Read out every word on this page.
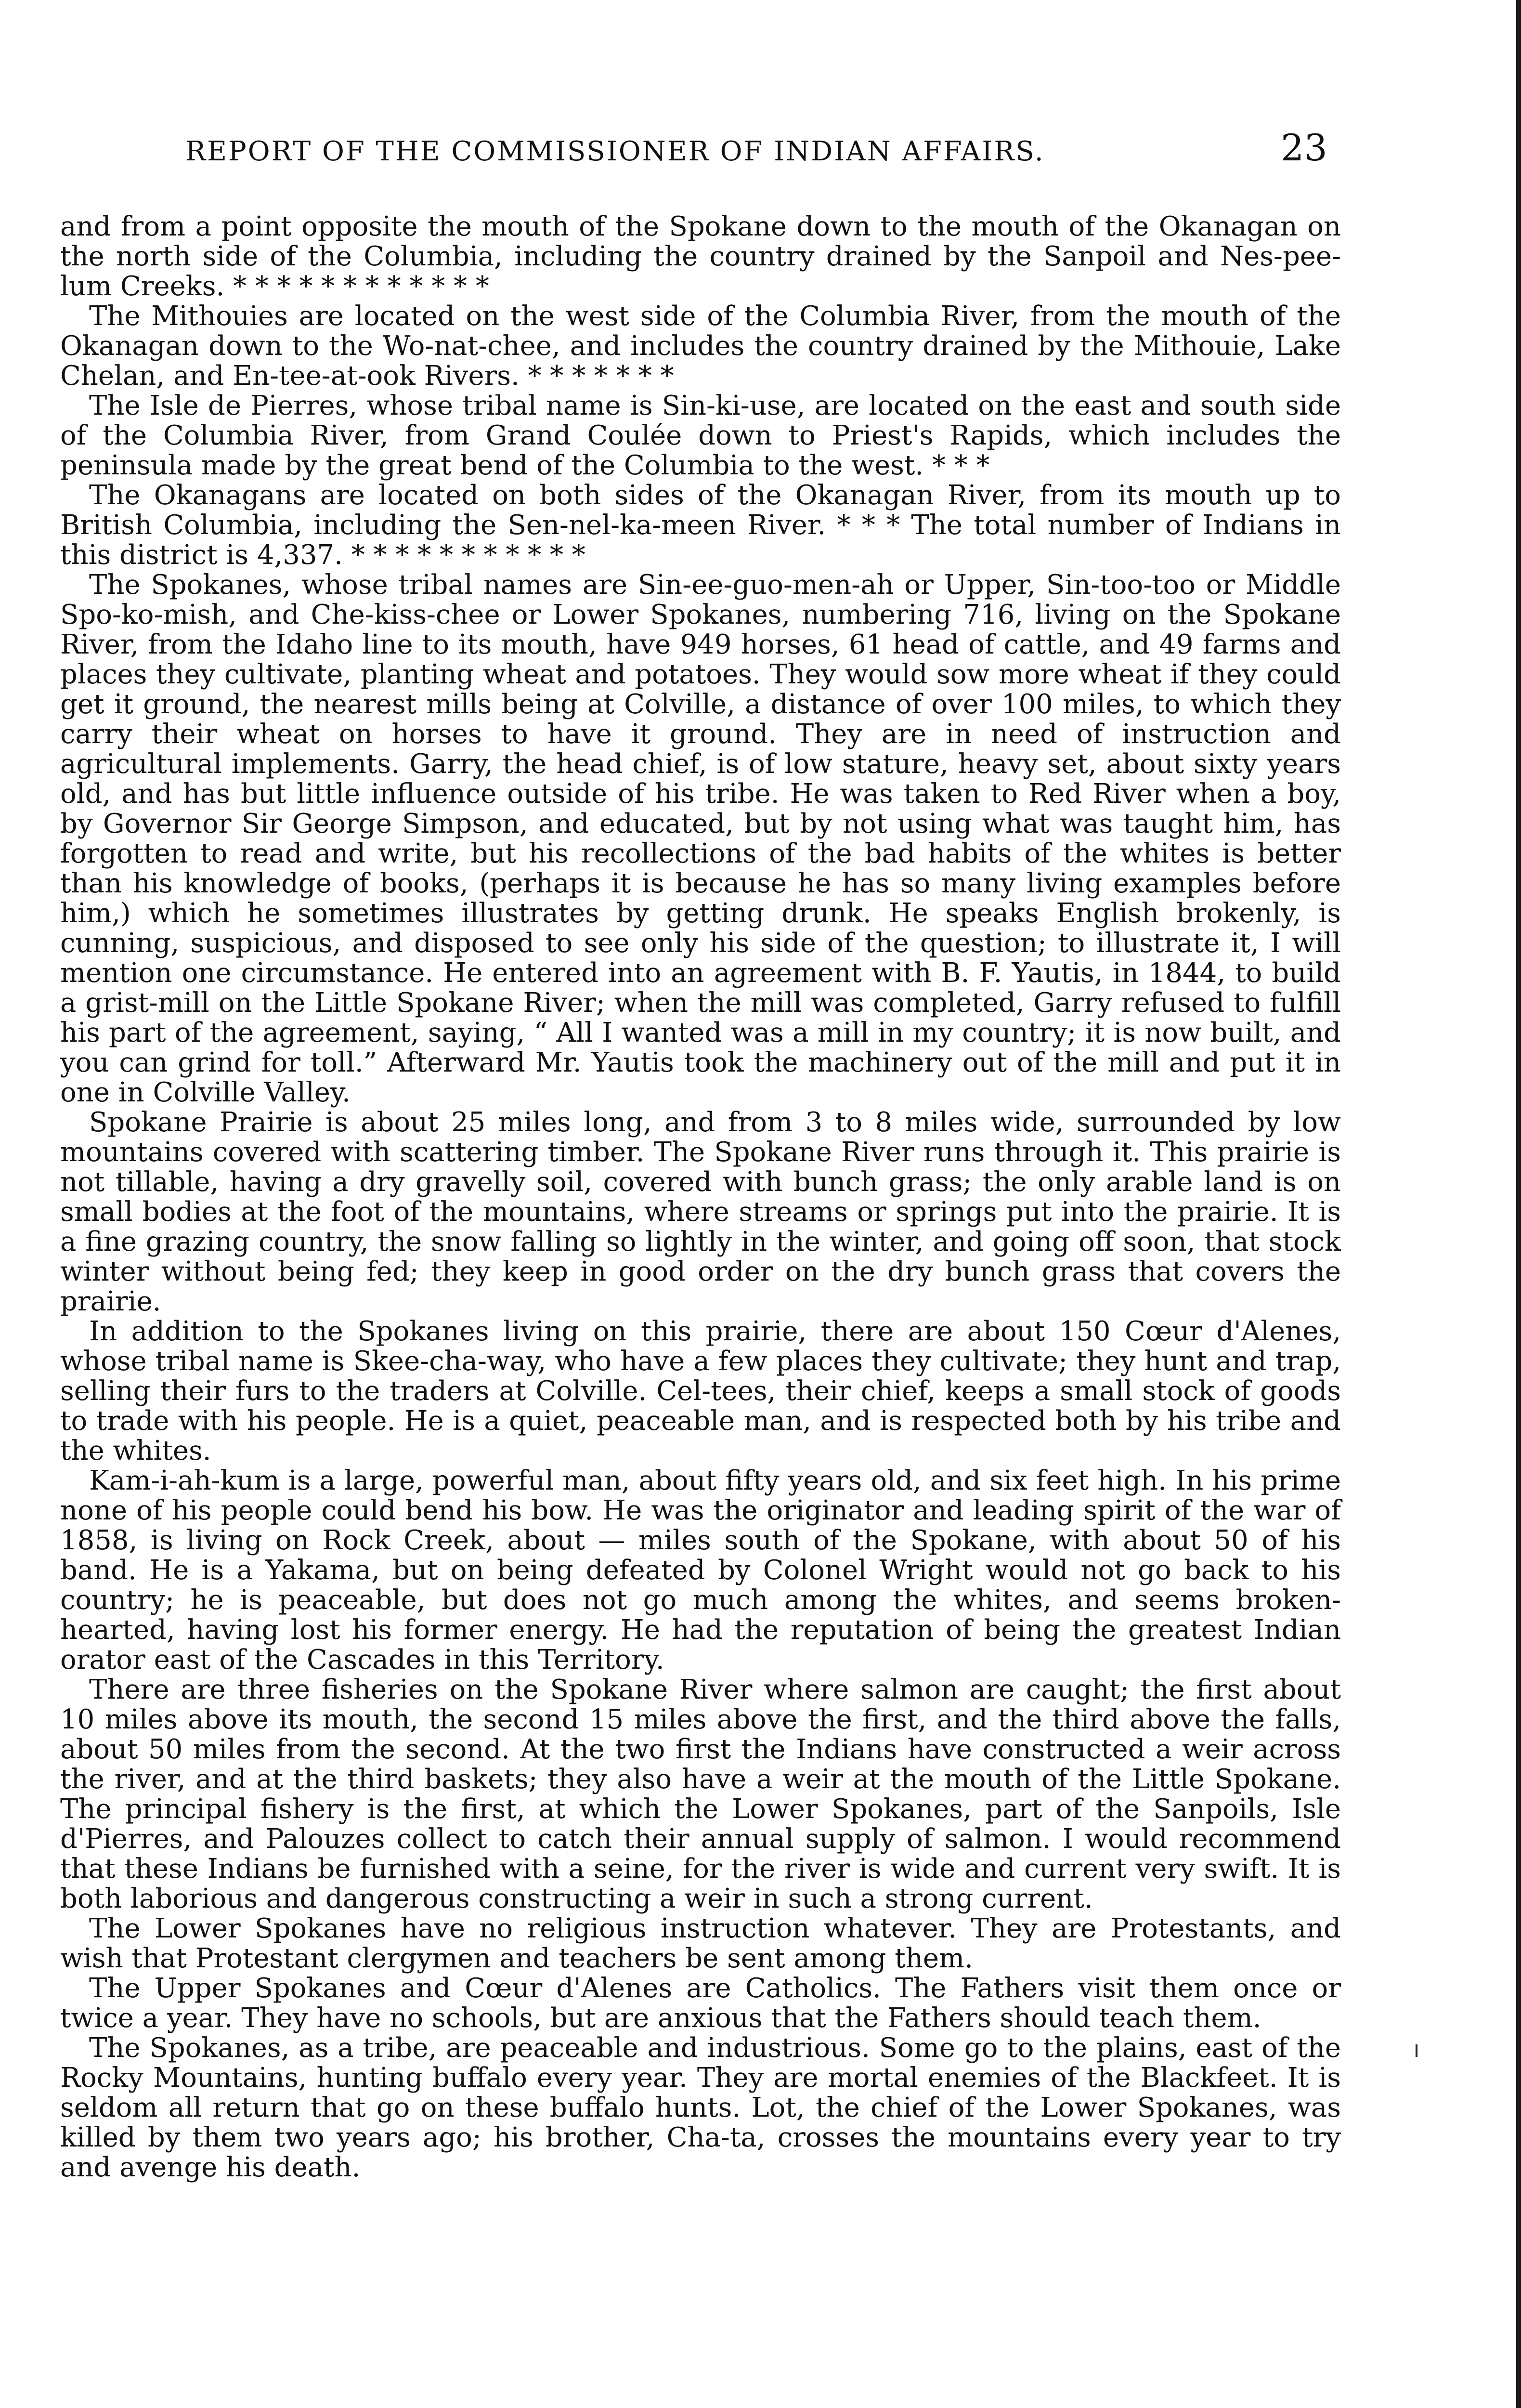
REPORT OF THE COMMISSIONER OF INDIAN AFFAIRS.	23

and from a point opposite the mouth of the Spokane down to the mouth of the Okanagan on the north side of the Columbia, including the country drained by the Sanpoil and Nes-pee-lum Creeks. * * * * * * * * * * * *

The Mithouies are located on the west side of the Columbia River, from the mouth of the Okanagan down to the Wo-nat-chee, and includes the country drained by the Mithouie, Lake Chelan, and En-tee-at-ook Rivers. * * * * * * *

The Isle de Pierres, whose tribal name is Sin-ki-use, are located on the east and south side of the Columbia River, from Grand Coulée down to Priest's Rapids, which includes the peninsula made by the great bend of the Columbia to the west. * * *

The Okanagans are located on both sides of the Okanagan River, from its mouth up to British Columbia, including the Sen-nel-ka-meen River. * * * The total number of Indians in this district is 4,337. * * * * * * * * * * *

The Spokanes, whose tribal names are Sin-ee-guo-men-ah or Upper, Sin-too-too or Middle Spo-ko-mish, and Che-kiss-chee or Lower Spokanes, numbering 716, living on the Spokane River, from the Idaho line to its mouth, have 949 horses, 61 head of cattle, and 49 farms and places they cultivate, planting wheat and potatoes. They would sow more wheat if they could get it ground, the nearest mills being at Colville, a distance of over 100 miles, to which they carry their wheat on horses to have it ground. They are in need of instruction and agricultural implements. Garry, the head chief, is of low stature, heavy set, about sixty years old, and has but little influence outside of his tribe. He was taken to Red River when a boy, by Governor Sir George Simpson, and educated, but by not using what was taught him, has forgotten to read and write, but his recollections of the bad habits of the whites is better than his knowledge of books, (perhaps it is because he has so many living examples before him,) which he sometimes illustrates by getting drunk. He speaks English brokenly, is cunning, suspicious, and disposed to see only his side of the question; to illustrate it, I will mention one circumstance. He entered into an agreement with B. F. Yautis, in 1844, to build a grist-mill on the Little Spokane River; when the mill was completed, Garry refused to fulfill his part of the agreement, saying, “ All I wanted was a mill in my country; it is now built, and you can grind for toll.” Afterward Mr. Yautis took the machinery out of the mill and put it in one in Colville Valley.

Spokane Prairie is about 25 miles long, and from 3 to 8 miles wide, surrounded by low mountains covered with scattering timber. The Spokane River runs through it. This prairie is not tillable, having a dry gravelly soil, covered with bunch grass; the only arable land is on small bodies at the foot of the mountains, where streams or springs put into the prairie. It is a fine grazing country, the snow falling so lightly in the winter, and going off soon, that stock winter without being fed; they keep in good order on the dry bunch grass that covers the prairie.

In addition to the Spokanes living on this prairie, there are about 150 Cœur d'Alenes, whose tribal name is Skee-cha-way, who have a few places they cultivate; they hunt and trap, selling their furs to the traders at Colville. Cel-tees, their chief, keeps a small stock of goods to trade with his people. He is a quiet, peaceable man, and is respected both by his tribe and the whites.

Kam-i-ah-kum is a large, powerful man, about fifty years old, and six feet high. In his prime none of his people could bend his bow. He was the originator and leading spirit of the war of 1858, is living on Rock Creek, about — miles south of the Spokane, with about 50 of his band. He is a Yakama, but on being defeated by Colonel Wright would not go back to his country; he is peaceable, but does not go much among the whites, and seems broken-hearted, having lost his former energy. He had the reputation of being the greatest Indian orator east of the Cascades in this Territory.

There are three fisheries on the Spokane River where salmon are caught; the first about 10 miles above its mouth, the second 15 miles above the first, and the third above the falls, about 50 miles from the second. At the two first the Indians have constructed a weir across the river, and at the third baskets; they also have a weir at the mouth of the Little Spokane. The principal fishery is the first, at which the Lower Spokanes, part of the Sanpoils, Isle d'Pierres, and Palouzes collect to catch their annual supply of salmon. I would recommend that these Indians be furnished with a seine, for the river is wide and current very swift. It is both laborious and dangerous constructing a weir in such a strong current.

The Lower Spokanes have no religious instruction whatever. They are Protestants, and wish that Protestant clergymen and teachers be sent among them.

The Upper Spokanes and Cœur d'Alenes are Catholics. The Fathers visit them once or twice a year. They have no schools, but are anxious that the Fathers should teach them.

The Spokanes, as a tribe, are peaceable and industrious. Some go to the plains, east of the Rocky Mountains, hunting buffalo every year. They are mortal enemies of the Blackfeet. It is seldom all return that go on these buffalo hunts. Lot, the chief of the Lower Spokanes, was killed by them two years ago; his brother, Cha-ta, crosses the mountains every year to try and avenge his death.
